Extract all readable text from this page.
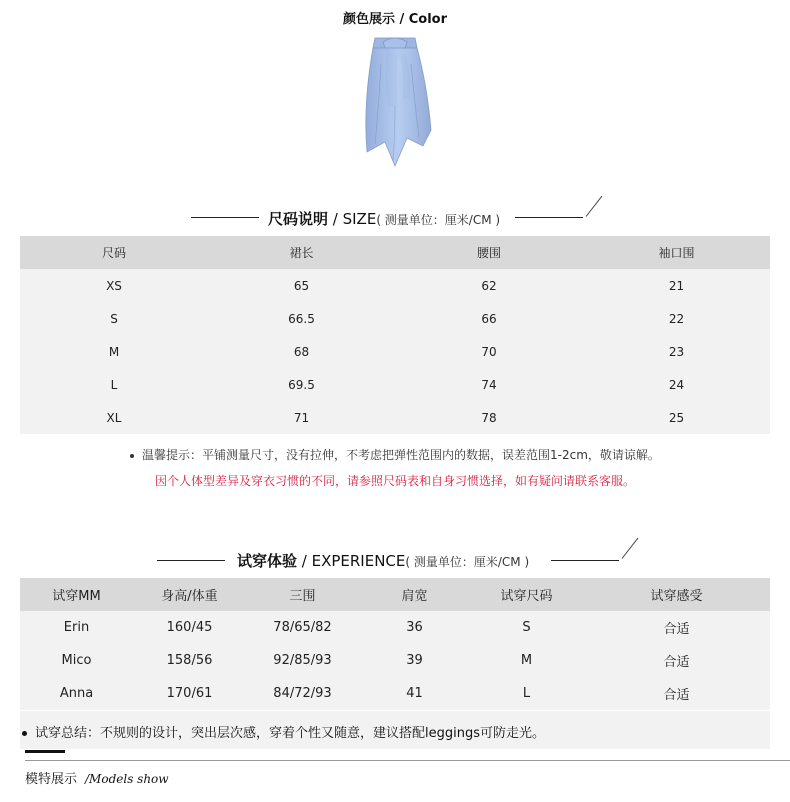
颜色展示 / Color
尺码说明 / SIZE( 测量单位：厘米/CM )
尺码	裙长	腰围	袖口围
XS	65	62	21
S	66.5	66	22
M	68	70	23
L	69.5	74	24
XL	71	78	25
温馨提示：平铺测量尺寸，没有拉伸，不考虑把弹性范围内的数据，误差范围1-2cm，敬请谅解。
因个人体型差异及穿衣习惯的不同，请参照尺码表和自身习惯选择，如有疑问请联系客服。
试穿体验 / EXPERIENCE( 测量单位：厘米/CM )
试穿MM	身高/体重	三围	肩宽	试穿尺码	试穿感受
Erin	160/45	78/65/82	36	S	合适
Mico	158/56	92/85/93	39	M	合适
Anna	170/61	84/72/93	41	L	合适
试穿总结：不规则的设计，突出层次感，穿着个性又随意，建议搭配leggings可防走光。
模特展示 /Models show
